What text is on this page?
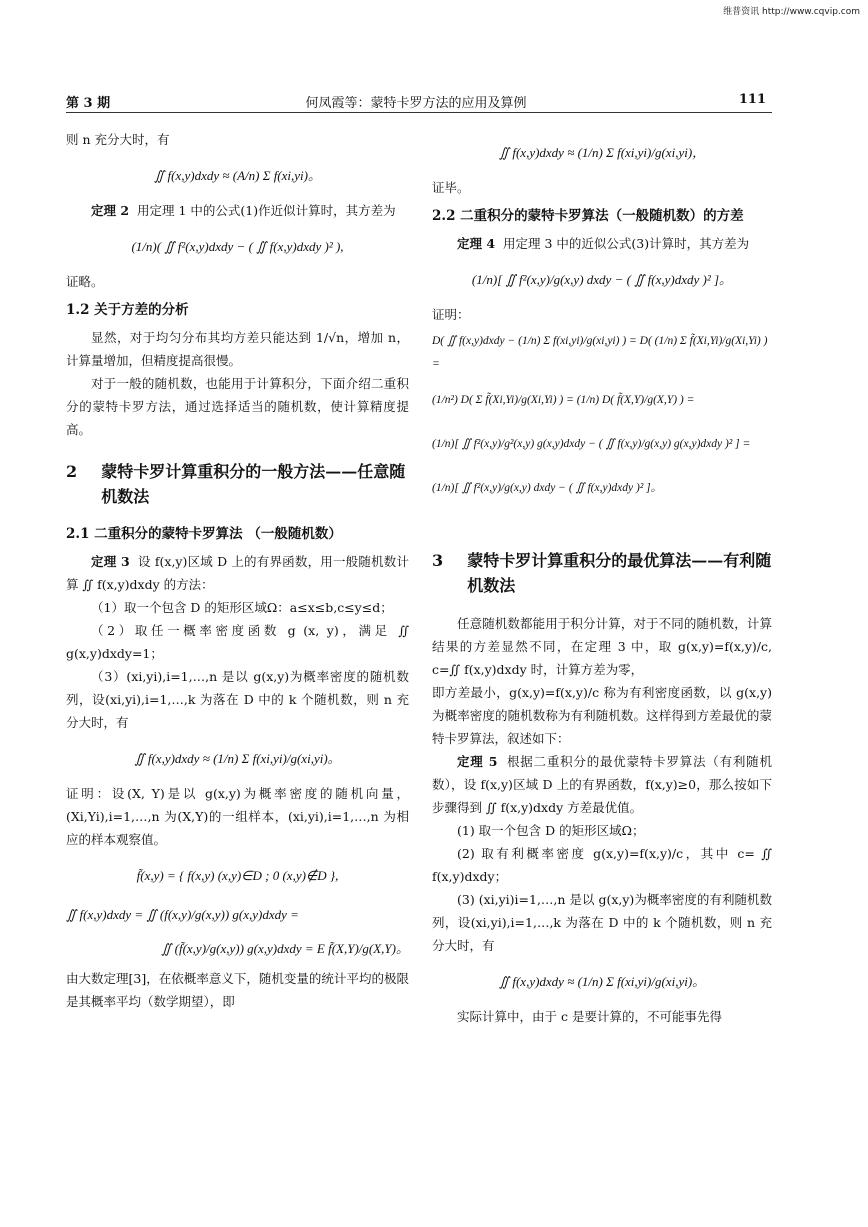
维普资讯 http://www.cqvip.com
第 3 期	何凤霞等：蒙特卡罗方法的应用及算例	111

则 n 充分大时，有

∬ f(x,y)dxdy ≈ (A/n) Σ f(xi,yi)。

定理 2 用定理 1 中的公式(1)作近似计算时，其方差为

(1/n)( ∬ f²(x,y)dxdy − ( ∬ f(x,y)dxdy )² ),

证略。

1.2 关于方差的分析

显然，对于均匀分布其均方差只能达到 1/√n，增加 n，计算量增加，但精度提高很慢。

对于一般的随机数，也能用于计算积分，下面介绍二重积分的蒙特卡罗方法，通过选择适当的随机数，使计算精度提高。

2	蒙特卡罗计算重积分的一般方法——任意随机数法
2.1 二重积分的蒙特卡罗算法 （一般随机数）

定理 3 设 f(x,y)区域 D 上的有界函数，用一般随机数计算 ∬ f(x,y)dxdy 的方法：

（1）取一个包含 D 的矩形区域Ω：a≤x≤b,c≤y≤d；

（2）取任一概率密度函数 g (x, y)，满足 ∬ g(x,y)dxdy=1；

（3）(xi,yi),i=1,…,n 是以 g(x,y)为概率密度的随机数列，设(xi,yi),i=1,…,k 为落在 D 中的 k 个随机数，则 n 充分大时，有

∬ f(x,y)dxdy ≈ (1/n) Σ f(xi,yi)/g(xi,yi)。

证明：设(X, Y)是以 g(x,y)为概率密度的随机向量，(Xi,Yi),i=1,…,n 为(X,Y)的一组样本，(xi,yi),i=1,…,n 为相应的样本观察值。

f̃(x,y) = { f(x,y) (x,y)∈D ; 0 (x,y)∉D },
∬ f(x,y)dxdy = ∬ (f(x,y)/g(x,y)) g(x,y)dxdy =
∬ (f̃(x,y)/g(x,y)) g(x,y)dxdy = E f̃(X,Y)/g(X,Y)。

由大数定理[3]，在依概率意义下，随机变量的统计平均的极限是其概率平均（数学期望），即

∬ f(x,y)dxdy ≈ (1/n) Σ f(xi,yi)/g(xi,yi)，

证毕。

2.2 二重积分的蒙特卡罗算法（一般随机数）的方差

定理 4 用定理 3 中的近似公式(3)计算时，其方差为

(1/n)[ ∬ f²(x,y)/g(x,y) dxdy − ( ∬ f(x,y)dxdy )² ]。

证明：

D( ∬ f(x,y)dxdy − (1/n) Σ f(xi,yi)/g(xi,yi) ) = D( (1/n) Σ f̃(Xi,Yi)/g(Xi,Yi) ) =
(1/n²) D( Σ f̃(Xi,Yi)/g(Xi,Yi) ) = (1/n) D( f̃(X,Y)/g(X,Y) ) =
(1/n)[ ∬ f²(x,y)/g²(x,y) g(x,y)dxdy − ( ∬ f(x,y)/g(x,y) g(x,y)dxdy )² ] =
(1/n)[ ∬ f²(x,y)/g(x,y) dxdy − ( ∬ f(x,y)dxdy )² ]。
3	蒙特卡罗计算重积分的最优算法——有利随机数法

任意随机数都能用于积分计算，对于不同的随机数，计算结果的方差显然不同，在定理 3 中，取 g(x,y)=f(x,y)/c, c=∬ f(x,y)dxdy 时，计算方差为零，

即方差最小，g(x,y)=f(x,y)/c 称为有利密度函数，以 g(x,y)为概率密度的随机数称为有利随机数。这样得到方差最优的蒙特卡罗算法，叙述如下：

定理 5 根据二重积分的最优蒙特卡罗算法（有利随机数），设 f(x,y)区域 D 上的有界函数，f(x,y)≥0，那么按如下步骤得到 ∬ f(x,y)dxdy 方差最优值。

(1) 取一个包含 D 的矩形区域Ω；

(2) 取有利概率密度 g(x,y)=f(x,y)/c，其中 c= ∬ f(x,y)dxdy；

(3) (xi,yi)i=1,…,n 是以 g(x,y)为概率密度的有利随机数列，设(xi,yi),i=1,…,k 为落在 D 中的 k 个随机数，则 n 充分大时，有

∬ f(x,y)dxdy ≈ (1/n) Σ f(xi,yi)/g(xi,yi)。

实际计算中，由于 c 是要计算的，不可能事先得
